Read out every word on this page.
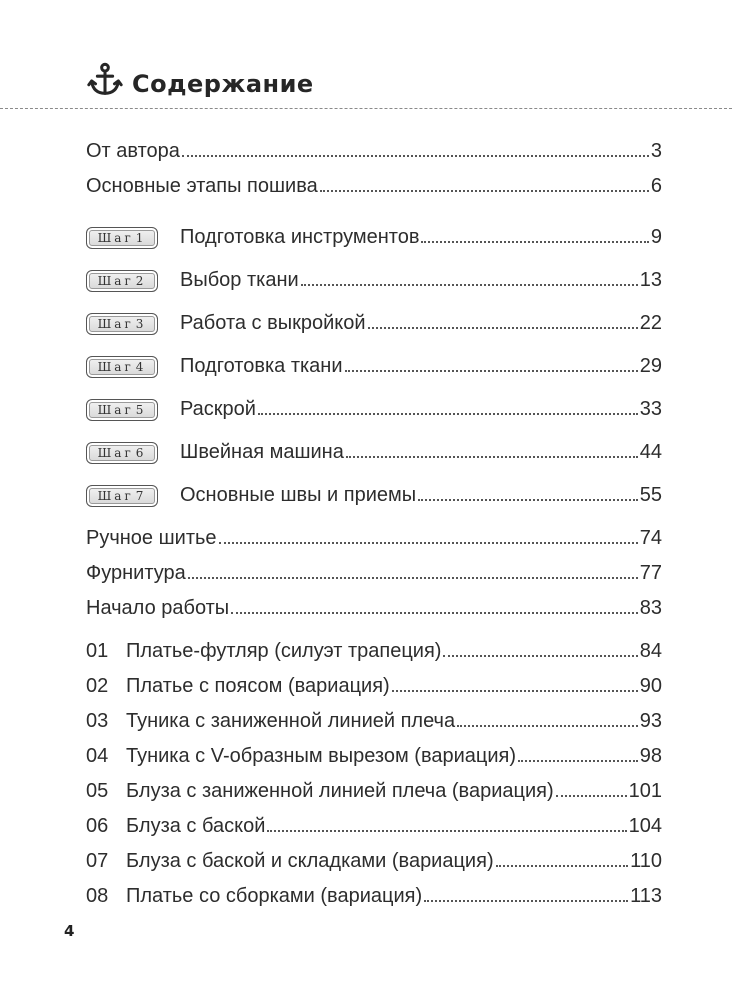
Содержание
От автора	3
Основные этапы пошива	6
Шаг 1 Подготовка инструментов	9
Шаг 2 Выбор ткани	13
Шаг 3 Работа с выкройкой	22
Шаг 4 Подготовка ткани	29
Шаг 5 Раскрой	33
Шаг 6 Швейная машина	44
Шаг 7 Основные швы и приемы	55
Ручное шитье	74
Фурнитура	77
Начало работы	83
01 Платье-футляр (силуэт трапеция)	84
02 Платье с поясом (вариация)	90
03 Туника с заниженной линией плеча	93
04 Туника с V-образным вырезом (вариация)	98
05 Блуза с заниженной линией плеча (вариация)	101
06 Блуза с баской	104
07 Блуза с баской и складками (вариация)	110
08 Платье со сборками (вариация)	113
4
